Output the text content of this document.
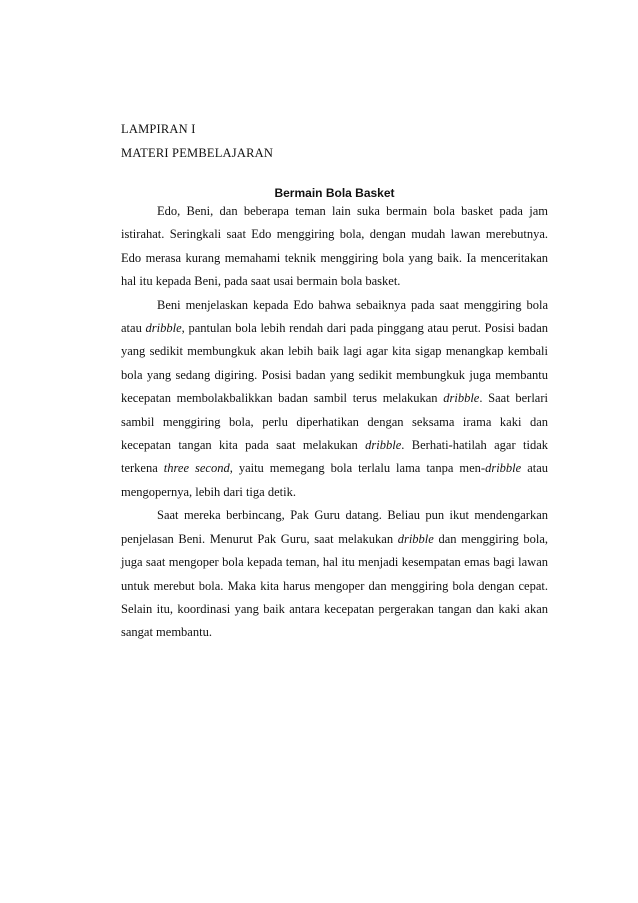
LAMPIRAN I
MATERI PEMBELAJARAN
Bermain Bola Basket

Edo, Beni, dan beberapa teman lain suka bermain bola basket pada jam istirahat. Seringkali saat Edo menggiring bola, dengan mudah lawan merebutnya. Edo merasa kurang memahami teknik menggiring bola yang baik. Ia menceritakan hal itu kepada Beni, pada saat usai bermain bola basket.

Beni menjelaskan kepada Edo bahwa sebaiknya pada saat menggiring bola atau dribble, pantulan bola lebih rendah dari pada pinggang atau perut. Posisi badan yang sedikit membungkuk akan lebih baik lagi agar kita sigap menangkap kembali bola yang sedang digiring. Posisi badan yang sedikit membungkuk juga membantu kecepatan membolakbalikkan badan sambil terus melakukan dribble. Saat berlari sambil menggiring bola, perlu diperhatikan dengan seksama irama kaki dan kecepatan tangan kita pada saat melakukan dribble. Berhati-hatilah agar tidak terkena three second, yaitu memegang bola terlalu lama tanpa men-dribble atau mengopernya, lebih dari tiga detik.

Saat mereka berbincang, Pak Guru datang. Beliau pun ikut mendengarkan penjelasan Beni. Menurut Pak Guru, saat melakukan dribble dan menggiring bola, juga saat mengoper bola kepada teman, hal itu menjadi kesempatan emas bagi lawan untuk merebut bola. Maka kita harus mengoper dan menggiring bola dengan cepat. Selain itu, koordinasi yang baik antara kecepatan pergerakan tangan dan kaki akan sangat membantu.
